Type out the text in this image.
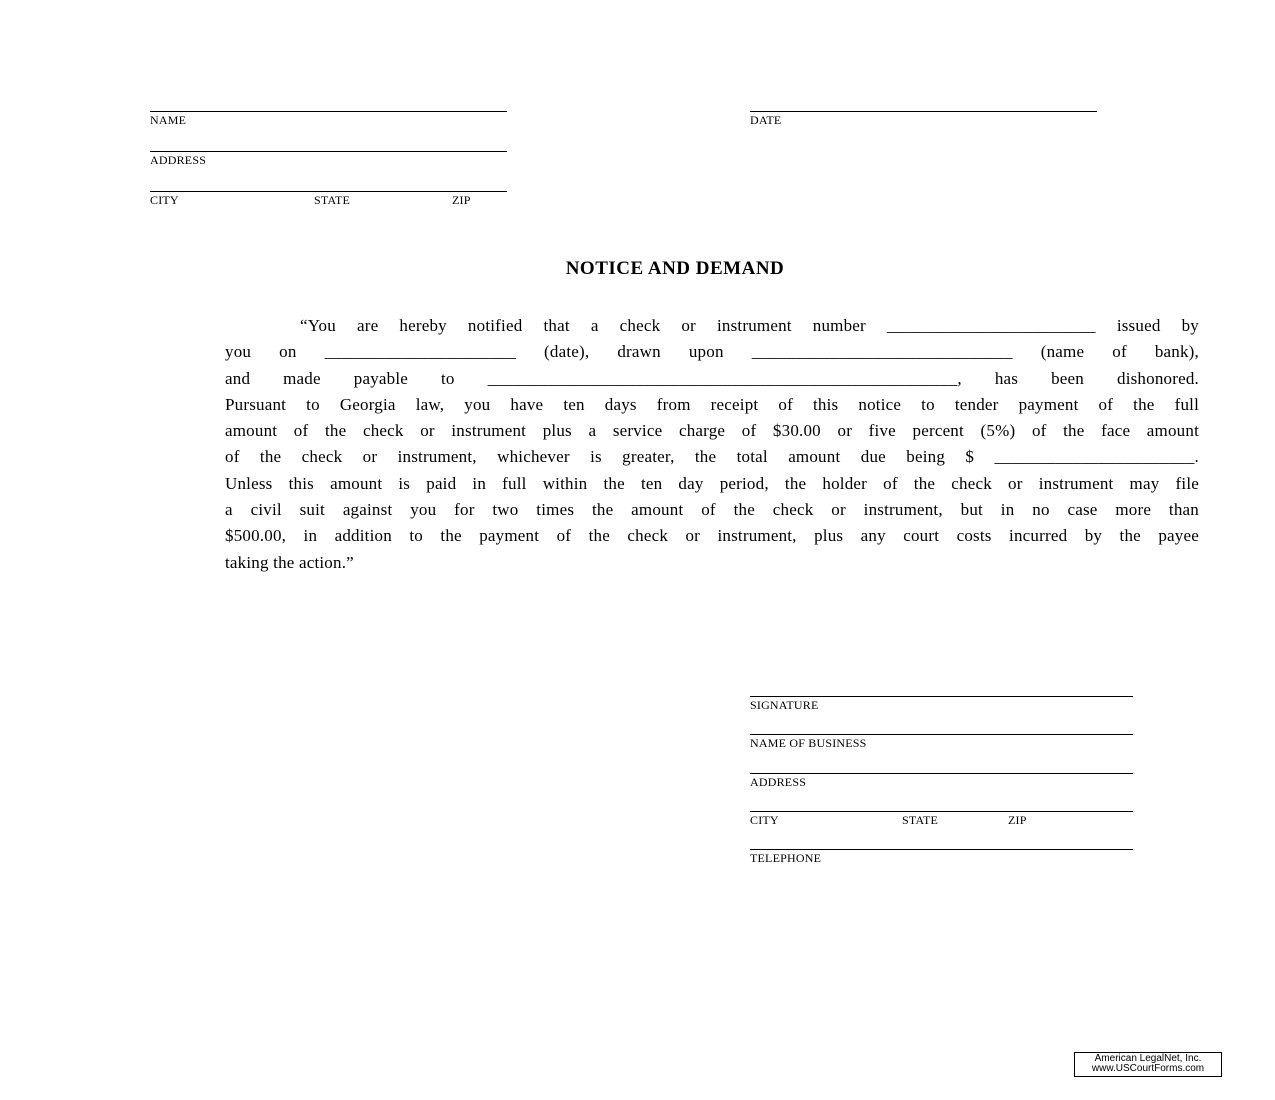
NAME
ADDRESS
CITY	STATE	ZIP
DATE
NOTICE AND DEMAND
“You are hereby notified that a check or instrument number ________________________ issued by
you on ______________________ (date), drawn upon ______________________________ (name of bank),
and made payable to ______________________________________________________, has been dishonored.
Pursuant to Georgia law, you have ten days from receipt of this notice to tender payment of the full
amount of the check or instrument plus a service charge of $30.00 or five percent (5%) of the face amount
of the check or instrument, whichever is greater, the total amount due being $ _______________________.
Unless this amount is paid in full within the ten day period, the holder of the check or instrument may file
a civil suit against you for two times the amount of the check or instrument, but in no case more than
$500.00, in addition to the payment of the check or instrument, plus any court costs incurred by the payee
taking the action.”
SIGNATURE
NAME OF BUSINESS
ADDRESS
CITY	STATE	ZIP
TELEPHONE
American LegalNet, Inc.
www.USCourtForms.com
